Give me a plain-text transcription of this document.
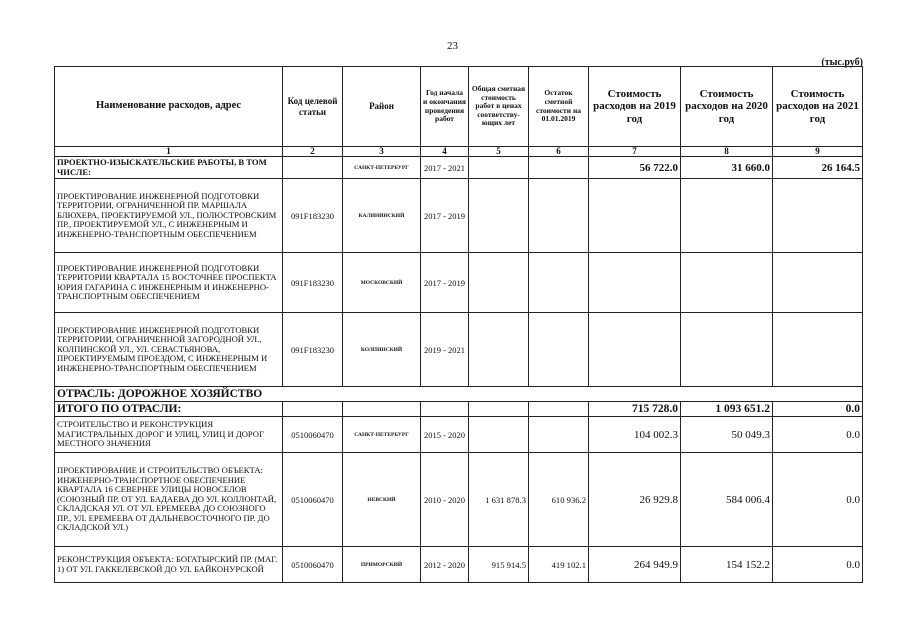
23
(тыс.руб)
Наименование расходов, адрес	Код целевой статьи	Район	Год начала и окончания проведения работ	Общая сметная стоимость работ в ценах соответству-ющих лет	Остаток сметной стоимости на 01.01.2019	Стоимость расходов на 2019 год	Стоимость расходов на 2020 год	Стоимость расходов на 2021 год
1	2	3	4	5	6	7	8	9
ПРОЕКТНО-ИЗЫСКАТЕЛЬСКИЕ РАБОТЫ, В ТОМ ЧИСЛЕ:		САНКТ-ПЕТЕРБУРГ	2017 - 2021			56 722.0	31 660.0	26 164.5
ПРОЕКТИРОВАНИЕ ИНЖЕНЕРНОЙ ПОДГОТОВКИ ТЕРРИТОРИИ, ОГРАНИЧЕННОЙ ПР. МАРШАЛА БЛЮХЕРА, ПРОЕКТИРУЕМОЙ УЛ., ПОЛЮСТРОВСКИМ ПР., ПРОЕКТИРУЕМОЙ УЛ., С ИНЖЕНЕРНЫМ И ИНЖЕНЕРНО-ТРАНСПОРТНЫМ ОБЕСПЕЧЕНИЕМ	091F183230	КАЛИНИНСКИЙ	2017 - 2019					
ПРОЕКТИРОВАНИЕ ИНЖЕНЕРНОЙ ПОДГОТОВКИ ТЕРРИТОРИИ КВАРТАЛА 15 ВОСТОЧНЕЕ ПРОСПЕКТА ЮРИЯ ГАГАРИНА С ИНЖЕНЕРНЫМ И ИНЖЕНЕРНО-ТРАНСПОРТНЫМ ОБЕСПЕЧЕНИЕМ	091F183230	МОСКОВСКИЙ	2017 - 2019					
ПРОЕКТИРОВАНИЕ ИНЖЕНЕРНОЙ ПОДГОТОВКИ ТЕРРИТОРИИ, ОГРАНИЧЕННОЙ ЗАГОРОДНОЙ УЛ., КОЛПИНСКОЙ УЛ., УЛ. СЕВАСТЬЯНОВА, ПРОЕКТИРУЕМЫМ ПРОЕЗДОМ, С ИНЖЕНЕРНЫМ И ИНЖЕНЕРНО-ТРАНСПОРТНЫМ ОБЕСПЕЧЕНИЕМ	091F183230	КОЛПИНСКИЙ	2019 - 2021					
ОТРАСЛЬ: ДОРОЖНОЕ ХОЗЯЙСТВО								
ИТОГО ПО ОТРАСЛИ:						715 728.0	1 093 651.2	0.0
СТРОИТЕЛЬСТВО И РЕКОНСТРУКЦИЯ МАГИСТРАЛЬНЫХ ДОРОГ И УЛИЦ, УЛИЦ И ДОРОГ МЕСТНОГО ЗНАЧЕНИЯ	0510060470	САНКТ-ПЕТЕРБУРГ	2015 - 2020			104 002.3	50 049.3	0.0
ПРОЕКТИРОВАНИЕ И СТРОИТЕЛЬСТВО ОБЪЕКТА: ИНЖЕНЕРНО-ТРАНСПОРТНОЕ ОБЕСПЕЧЕНИЕ КВАРТАЛА 16 СЕВЕРНЕЕ УЛИЦЫ НОВОСЕЛОВ (СОЮЗНЫЙ ПР. ОТ УЛ. БАДАЕВА ДО УЛ. КОЛЛОНТАЙ, СКЛАДСКАЯ УЛ. ОТ УЛ. ЕРЕМЕЕВА ДО СОЮЗНОГО ПР., УЛ. ЕРЕМЕЕВА ОТ ДАЛЬНЕВОСТОЧНОГО ПР. ДО СКЛАДСКОЙ УЛ.)	0510060470	НЕВСКИЙ	2010 - 2020	1 631 878.3	610 936.2	26 929.8	584 006.4	0.0
РЕКОНСТРУКЦИЯ ОБЪЕКТА: БОГАТЫРСКИЙ ПР. (МАГ. 1) ОТ УЛ. ГАККЕЛЕВСКОЙ ДО УЛ. БАЙКОНУРСКОЙ	0510060470	ПРИМОРСКИЙ	2012 - 2020	915 914.5	419 102.1	264 949.9	154 152.2	0.0
